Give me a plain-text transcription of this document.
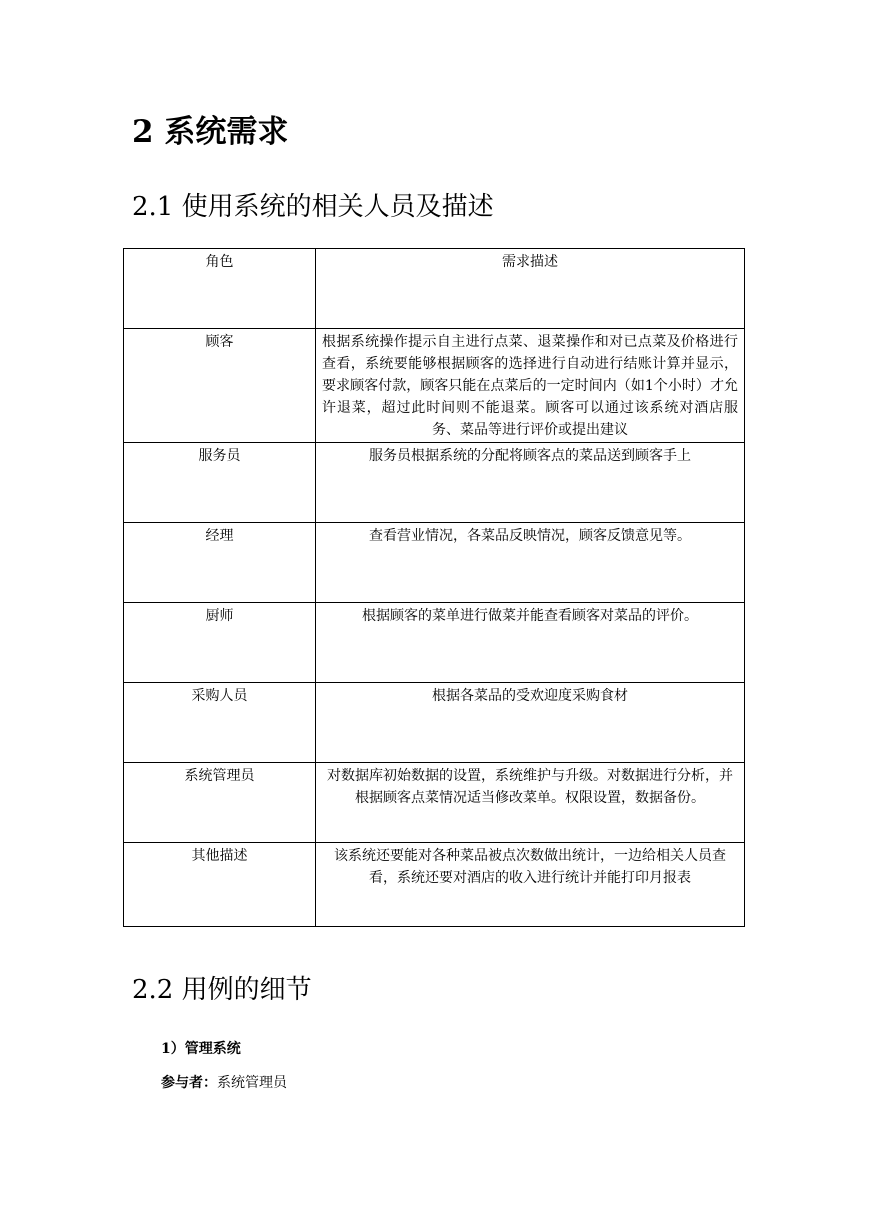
2 系统需求
2.1 使用系统的相关人员及描述
角色	需求描述
顾客	根据系统操作提示自主进行点菜、退菜操作和对已点菜及价格进行查看，系统要能够根据顾客的选择进行自动进行结账计算并显示，要求顾客付款，顾客只能在点菜后的一定时间内（如1个小时）才允许退菜，超过此时间则不能退菜。顾客可以通过该系统对酒店服务、菜品等进行评价或提出建议
服务员	服务员根据系统的分配将顾客点的菜品送到顾客手上
经理	查看营业情况，各菜品反映情况，顾客反馈意见等。
厨师	根据顾客的菜单进行做菜并能查看顾客对菜品的评价。
采购人员	根据各菜品的受欢迎度采购食材
系统管理员	对数据库初始数据的设置，系统维护与升级。对数据进行分析，并根据顾客点菜情况适当修改菜单。权限设置，数据备份。
其他描述	该系统还要能对各种菜品被点次数做出统计，一边给相关人员查看，系统还要对酒店的收入进行统计并能打印月报表
2.2 用例的细节

1）管理系统

参与者：系统管理员
